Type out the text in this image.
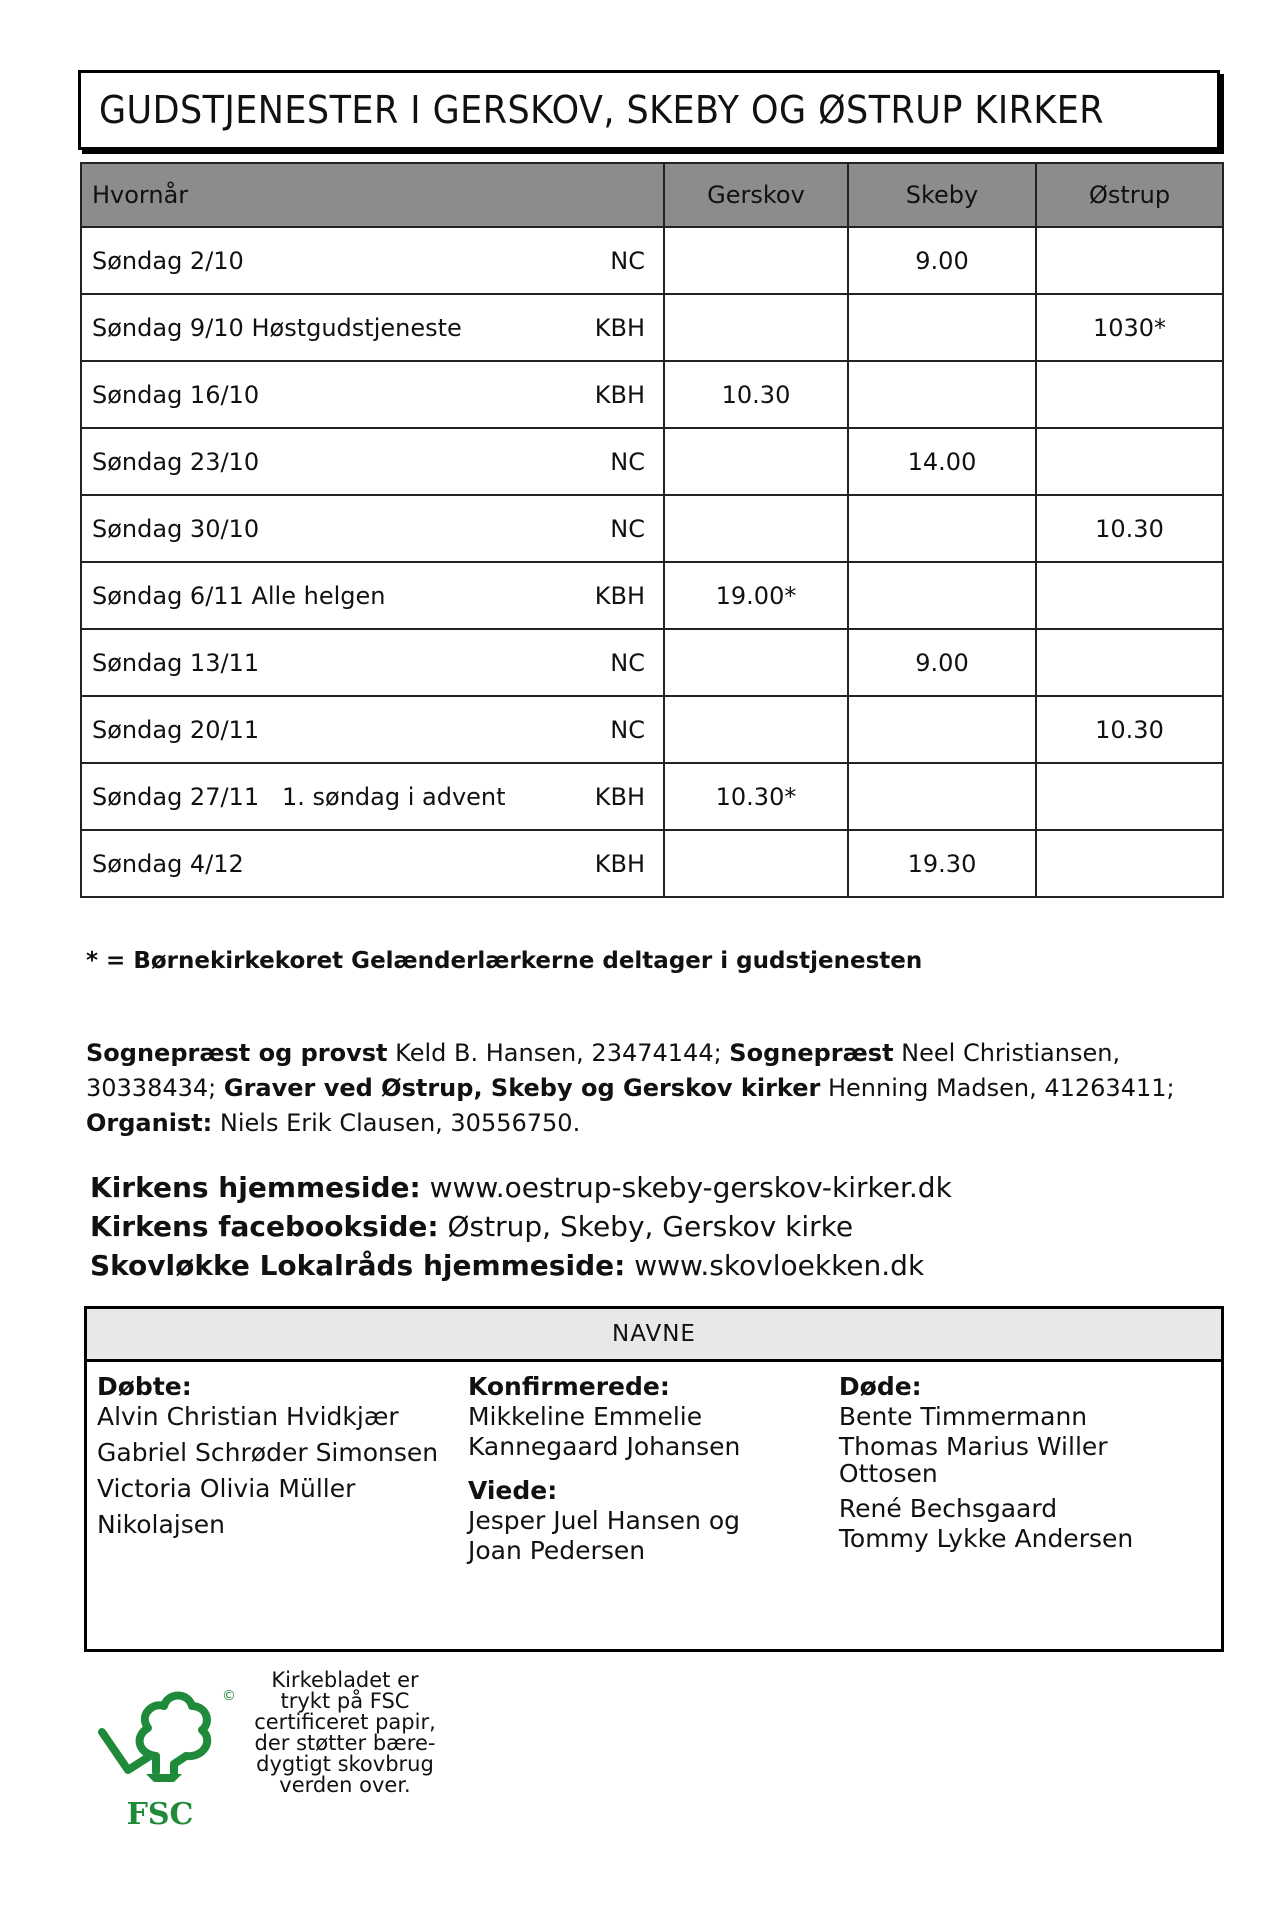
GUDSTJENESTER I GERSKOV, SKEBY OG ØSTRUP KIRKER
Hvornår	Gerskov	Skeby	Østrup

Søndag 2/10 NC		9.00	

Søndag 9/10 Høstgudstjeneste KBH			1030*

Søndag 16/10 KBH	10.30		

Søndag 23/10 NC		14.00	

Søndag 30/10 NC			10.30

Søndag 6/11 Alle helgen KBH	19.00*		

Søndag 13/11 NC		9.00	

Søndag 20/11 NC			10.30

Søndag 27/11   1. søndag i advent KBH	10.30*		

Søndag 4/12 KBH		19.30	
* = Børnekirkekoret Gelænderlærkerne deltager i gudstjenesten
Sognepræst og provst Keld B. Hansen, 23474144; Sognepræst Neel Christiansen, 30338434; Graver ved Østrup, Skeby og Gerskov kirker Henning Madsen, 41263411; Organist: Niels Erik Clausen, 30556750.
Kirkens hjemmeside: www.oestrup-skeby-gerskov-kirker.dk
Kirkens facebookside: Østrup, Skeby, Gerskov kirke
Skovløkke Lokalråds hjemmeside: www.skovloekken.dk
NAVNE
Døbte:
Alvin Christian Hvidkjær
Gabriel Schrøder Simonsen
Victoria Olivia Müller
Nikolajsen
Konfirmerede:
Mikkeline Emmelie
Kannegaard Johansen
Viede:
Jesper Juel Hansen og
Joan Pedersen
Døde:
Bente Timmermann
Thomas Marius Willer
Ottosen
René Bechsgaard
Tommy Lykke Andersen
FSC
©
Kirkebladet er
trykt på FSC
certificeret papir,
der støtter bære-
dygtigt skovbrug
verden over.
